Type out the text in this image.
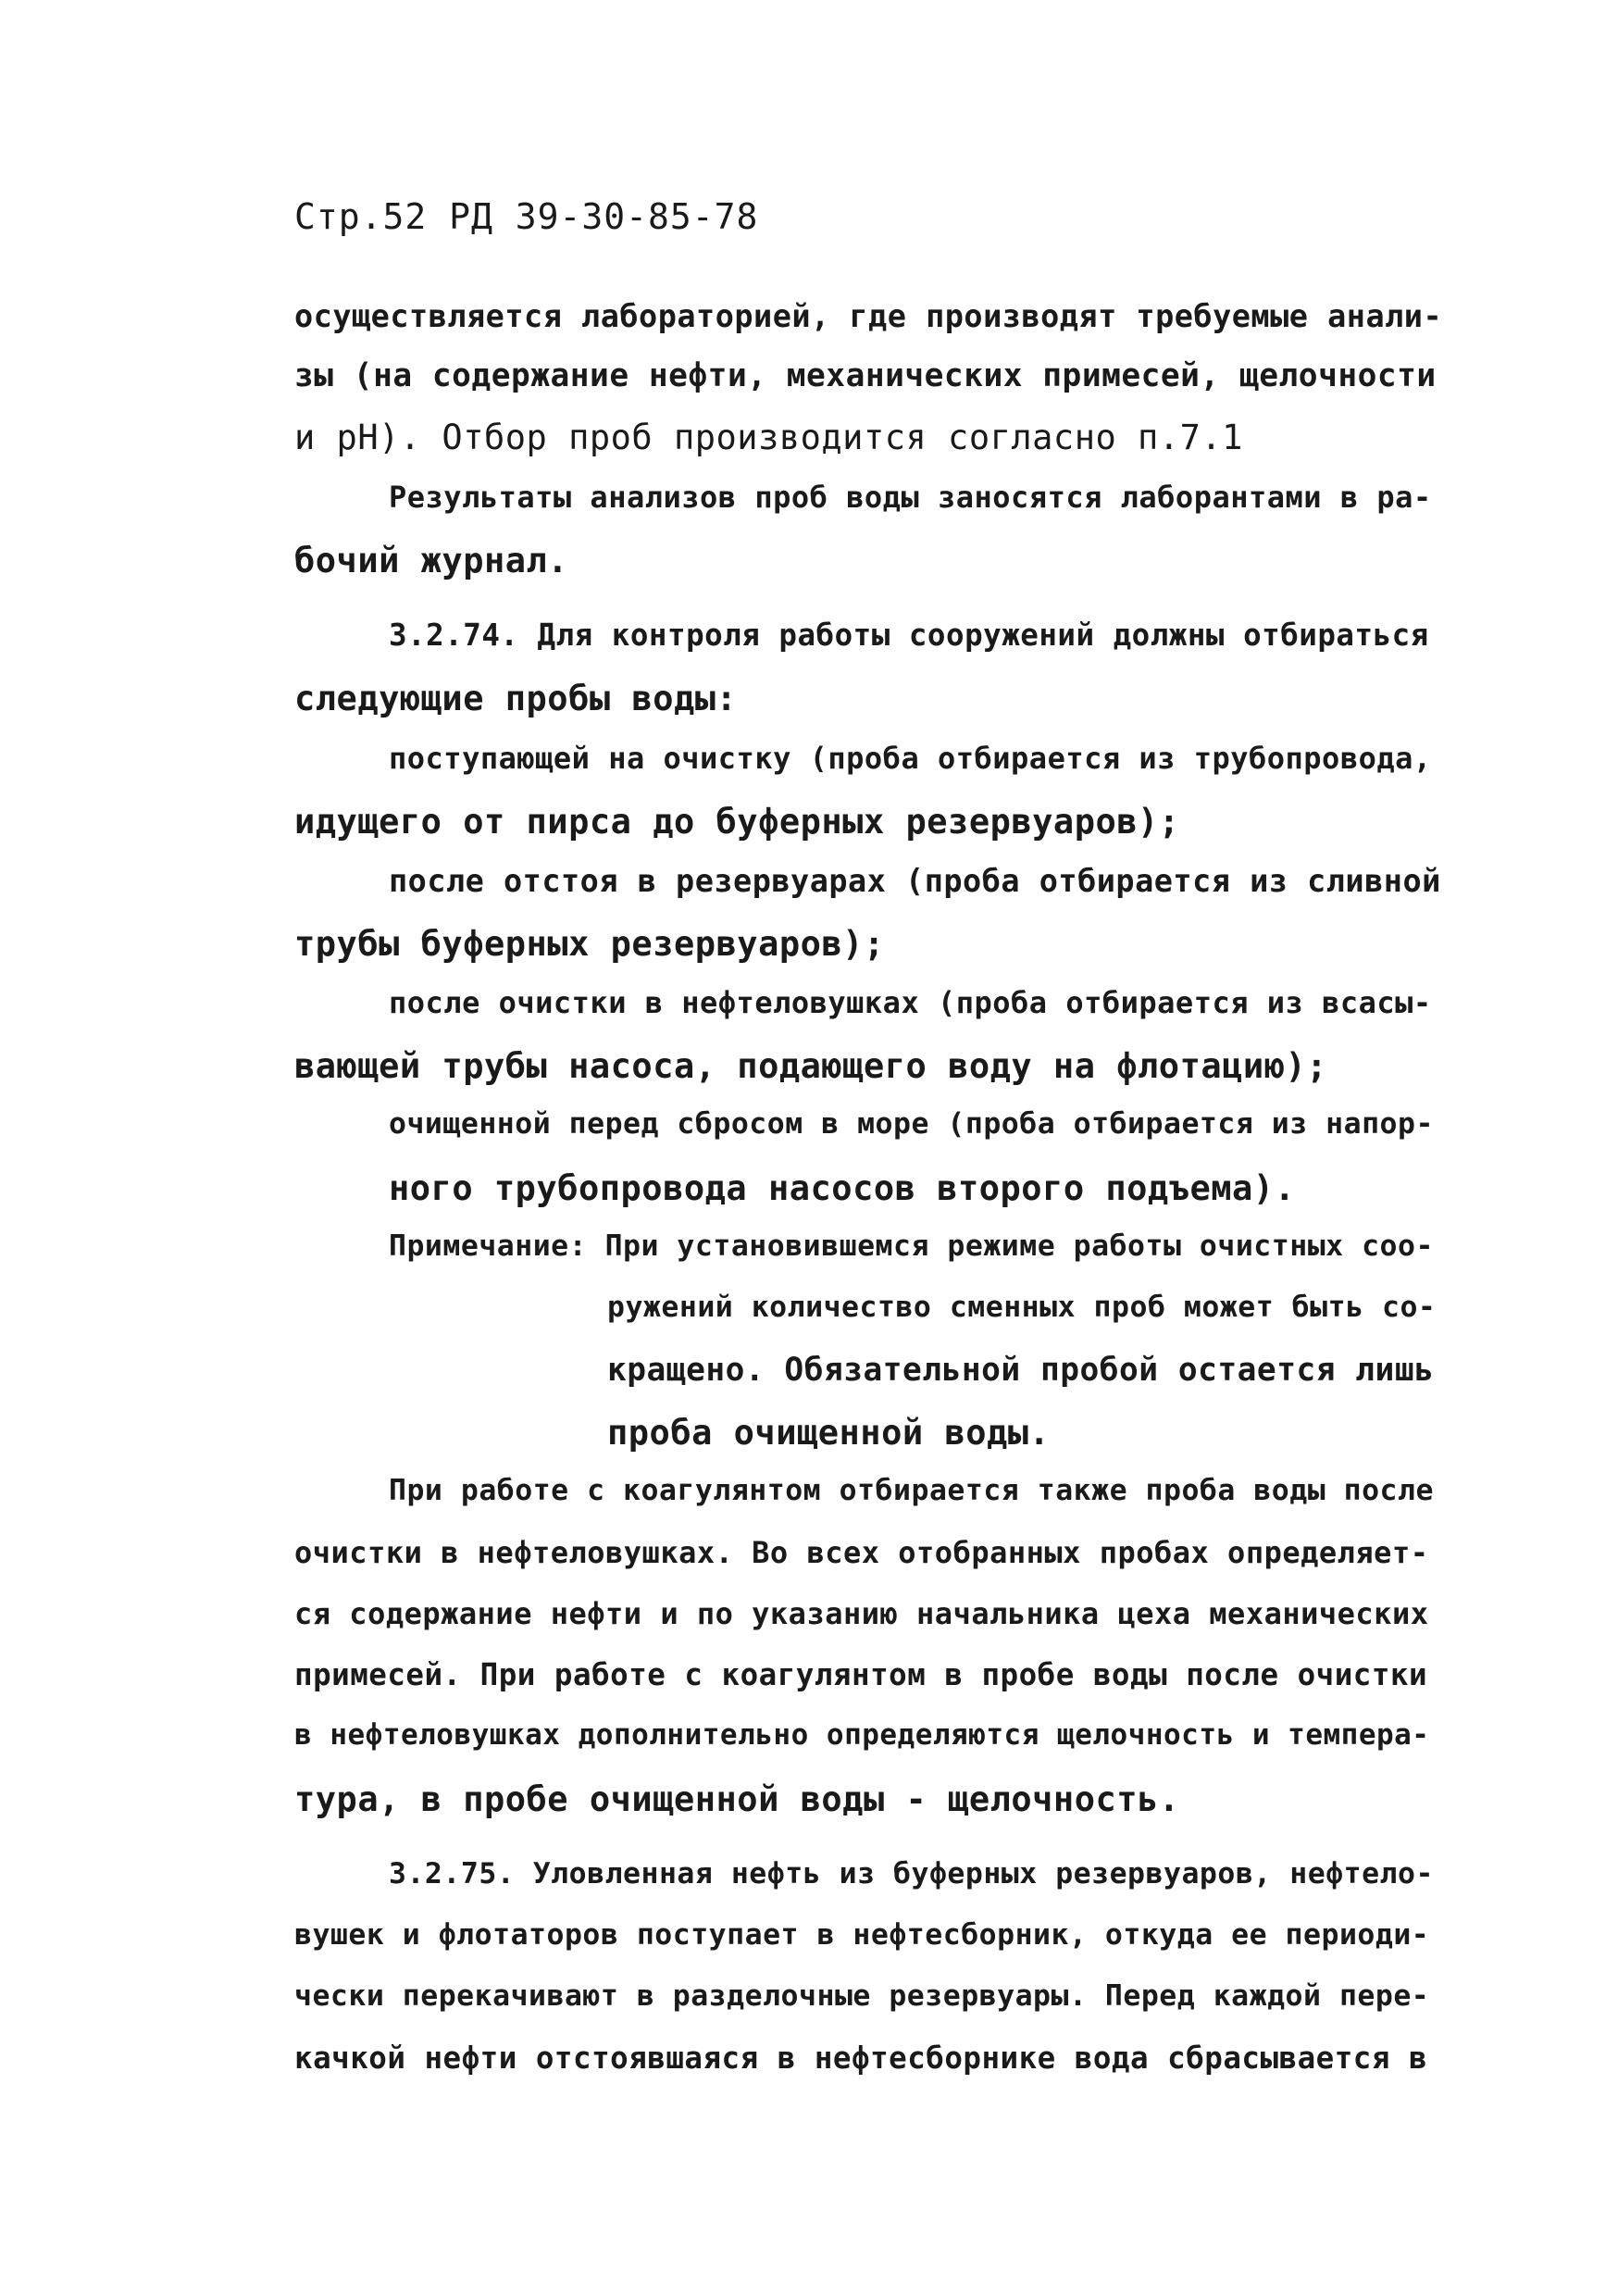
Стр.52 РД 39-30-85-78
осуществляется лабораторией, где производят требуемые анали-
зы (на содержание нефти, механических примесей, щелочности
и рН). Отбор проб производится согласно п.7.1
Результаты анализов проб воды заносятся лаборантами в ра-
бочий журнал.
3.2.74. Для контроля работы сооружений должны отбираться
следующие пробы воды:
поступающей на очистку (проба отбирается из трубопровода,
идущего от пирса до буферных резервуаров);
после отстоя в резервуарах (проба отбирается из сливной
трубы буферных резервуаров);
после очистки в нефтеловушках (проба отбирается из всасы-
вающей трубы насоса, подающего воду на флотацию);
очищенной перед сбросом в море (проба отбирается из напор-
ного трубопровода насосов второго подъема).
Примечание: При установившемся режиме работы очистных соо-
ружений количество сменных проб может быть со-
кращено. Обязательной пробой остается лишь
проба очищенной воды.
При работе с коагулянтом отбирается также проба воды после
очистки в нефтеловушках. Во всех отобранных пробах определяет-
ся содержание нефти и по указанию начальника цеха механических
примесей. При работе с коагулянтом в пробе воды после очистки
в нефтеловушках дополнительно определяются щелочность и темпера-
тура, в пробе очищенной воды - щелочность.
3.2.75. Уловленная нефть из буферных резервуаров, нефтело-
вушек и флотаторов поступает в нефтесборник, откуда ее периоди-
чески перекачивают в разделочные резервуары. Перед каждой пере-
качкой нефти отстоявшаяся в нефтесборнике вода сбрасывается в
